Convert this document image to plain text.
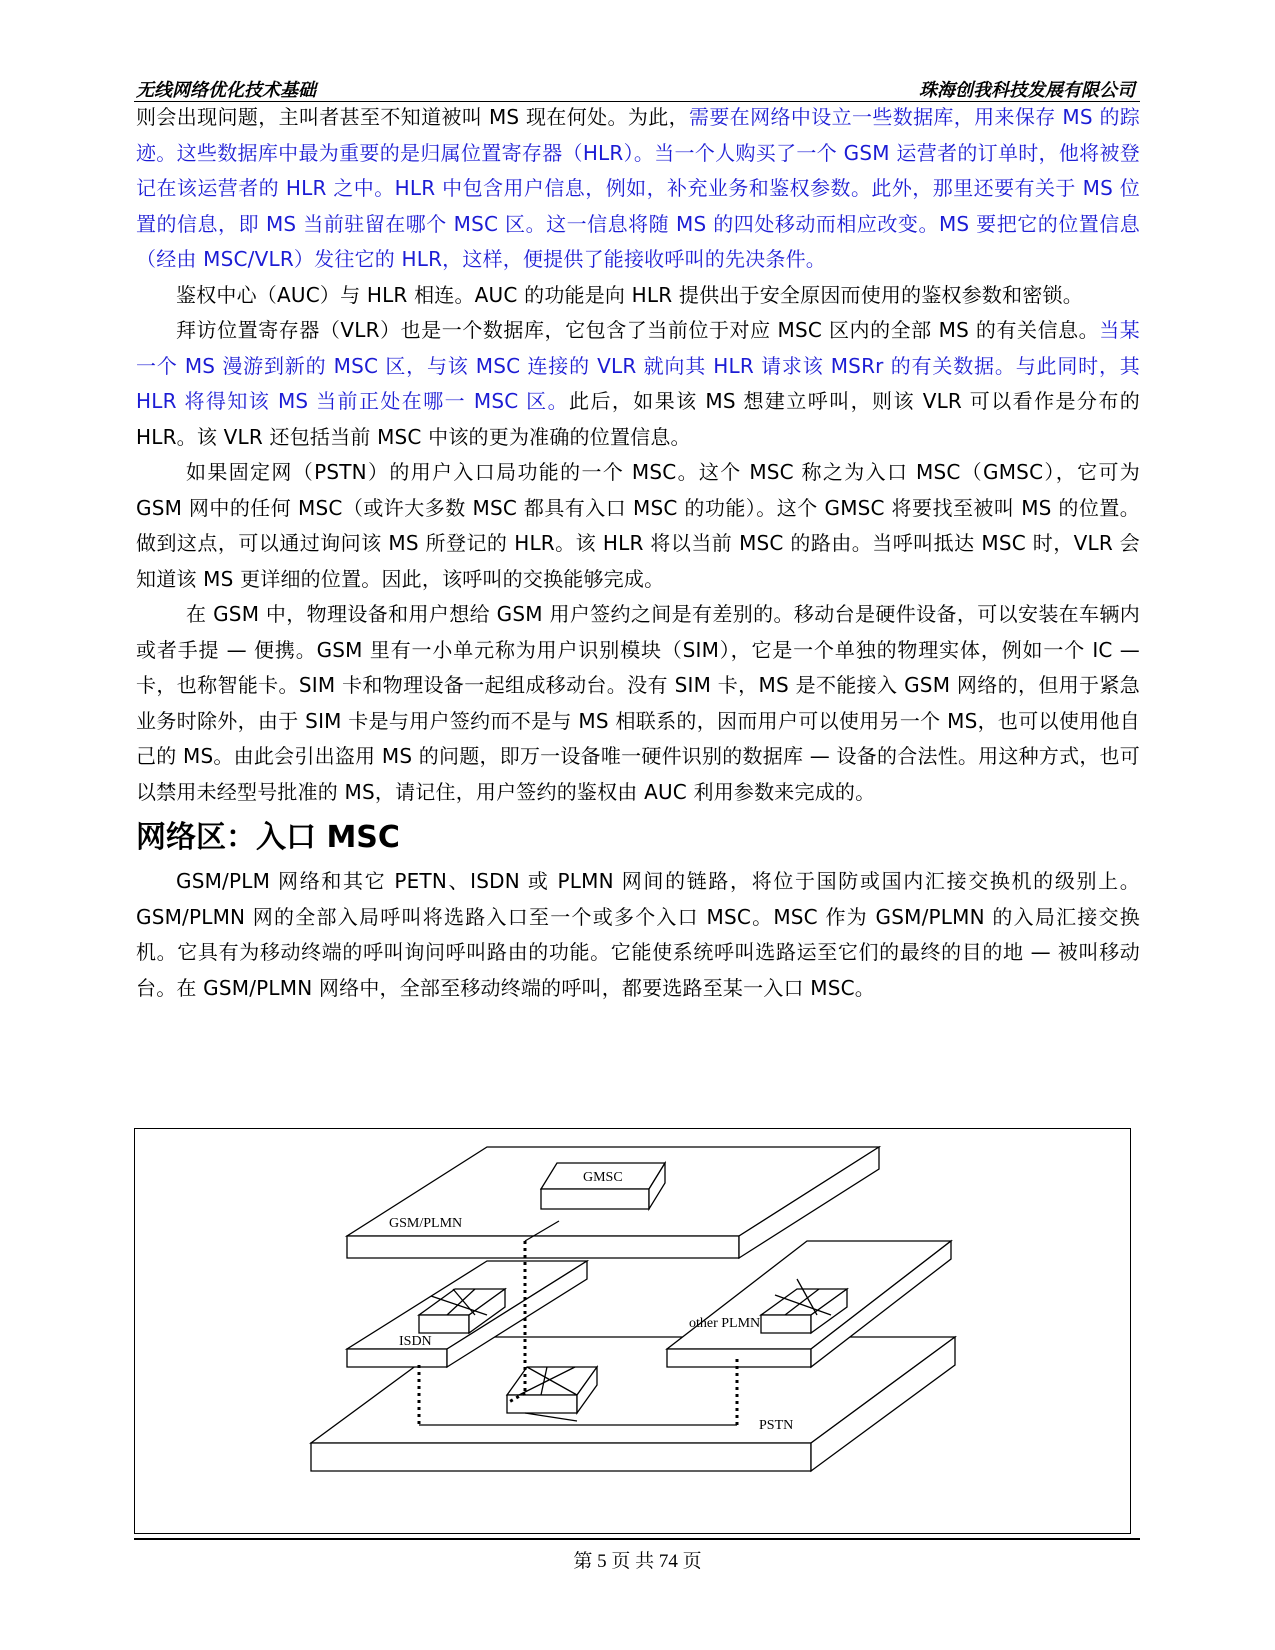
无线网络优化技术基础	珠海创我科技发展有限公司

则会出现问题，主叫者甚至不知道被叫 MS 现在何处。为此，需要在网络中设立一些数据库，用来保存 MS 的踪迹。这些数据库中最为重要的是归属位置寄存器（HLR）。当一个人购买了一个 GSM 运营者的订单时，他将被登记在该运营者的 HLR 之中。HLR 中包含用户信息，例如，补充业务和鉴权参数。此外，那里还要有关于 MS 位置的信息，即 MS 当前驻留在哪个 MSC 区。这一信息将随 MS 的四处移动而相应改变。MS 要把它的位置信息（经由 MSC/VLR）发往它的 HLR，这样，便提供了能接收呼叫的先决条件。

鉴权中心（AUC）与 HLR 相连。AUC 的功能是向 HLR 提供出于安全原因而使用的鉴权参数和密锁。

拜访位置寄存器（VLR）也是一个数据库，它包含了当前位于对应 MSC 区内的全部 MS 的有关信息。当某一个 MS 漫游到新的 MSC 区，与该 MSC 连接的 VLR 就向其 HLR 请求该 MSRr 的有关数据。与此同时，其 HLR 将得知该 MS 当前正处在哪一 MSC 区。此后，如果该 MS 想建立呼叫，则该 VLR 可以看作是分布的 HLR。该 VLR 还包括当前 MSC 中该的更为准确的位置信息。

如果固定网（PSTN）的用户入口局功能的一个 MSC。这个 MSC 称之为入口 MSC（GMSC），它可为 GSM 网中的任何 MSC（或许大多数 MSC 都具有入口 MSC 的功能）。这个 GMSC 将要找至被叫 MS 的位置。做到这点，可以通过询问该 MS 所登记的 HLR。该 HLR 将以当前 MSC 的路由。当呼叫抵达 MSC 时，VLR 会知道该 MS 更详细的位置。因此，该呼叫的交换能够完成。

在 GSM 中，物理设备和用户想给 GSM 用户签约之间是有差别的。移动台是硬件设备，可以安装在车辆内或者手提 — 便携。GSM 里有一小单元称为用户识别模块（SIM），它是一个单独的物理实体，例如一个 IC — 卡，也称智能卡。SIM 卡和物理设备一起组成移动台。没有 SIM 卡，MS 是不能接入 GSM 网络的，但用于紧急业务时除外，由于 SIM 卡是与用户签约而不是与 MS 相联系的，因而用户可以使用另一个 MS，也可以使用他自己的 MS。由此会引出盗用 MS 的问题，即万一设备唯一硬件识别的数据库 — 设备的合法性。用这种方式，也可以禁用未经型号批准的 MS，请记住，用户签约的鉴权由 AUC 利用参数来完成的。

网络区：入口 MSC

GSM/PLM 网络和其它 PETN、ISDN 或 PLMN 网间的链路，将位于国防或国内汇接交换机的级别上。GSM/PLMN 网的全部入局呼叫将选路入口至一个或多个入口 MSC。MSC 作为 GSM/PLMN 的入局汇接交换机。它具有为移动终端的呼叫询问呼叫路由的功能。它能使系统呼叫选路运至它们的最终的目的地 — 被叫移动台。在 GSM/PLMN 网络中，全部至移动终端的呼叫，都要选路至某一入口 MSC。

GMSC
GSM/PLMN
ISDN
other PLMN
PSTN
第 5 页 共 74 页
